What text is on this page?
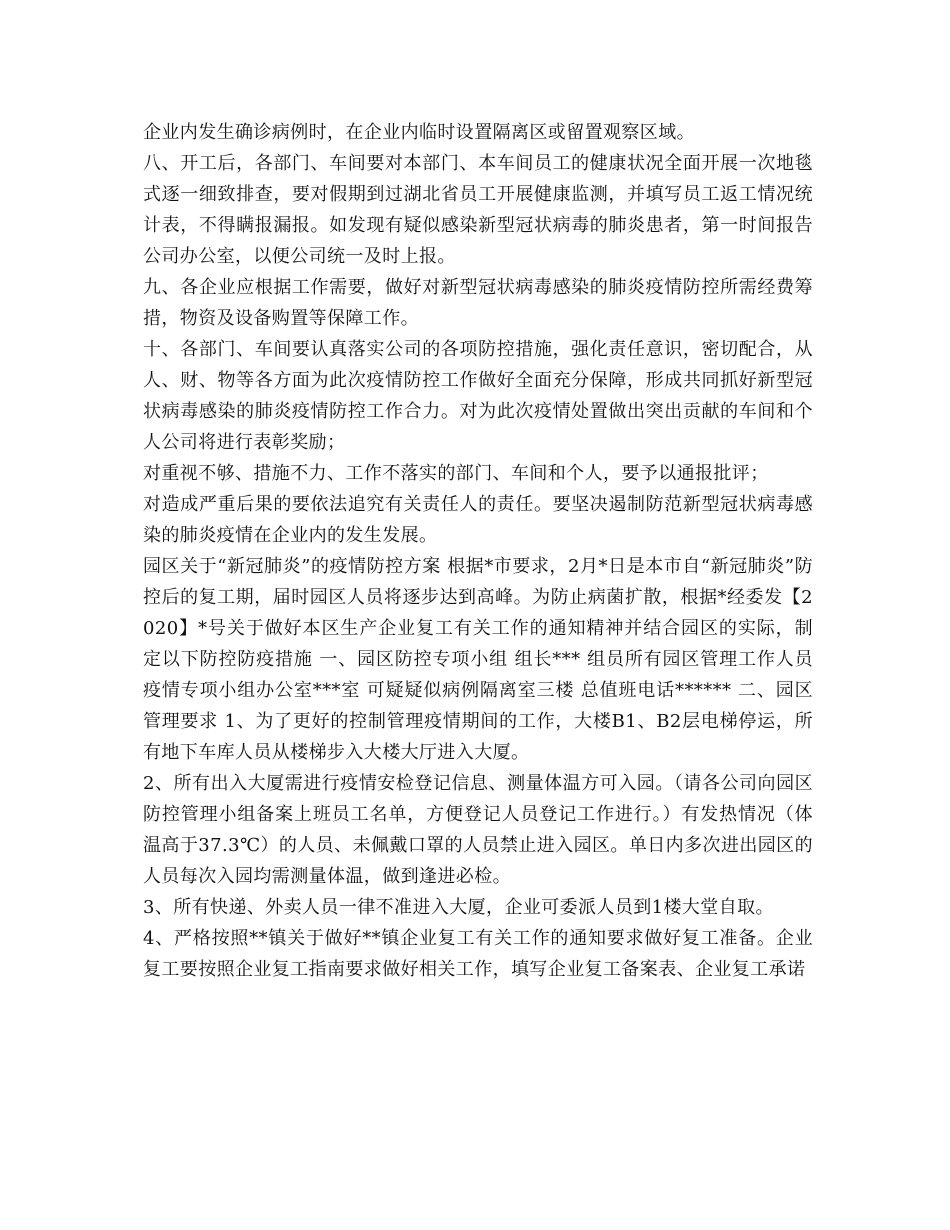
企业内发生确诊病例时，在企业内临时设置隔离区或留置观察区域。

八、开工后，各部门、车间要对本部门、本车间员工的健康状况全面开展一次地毯式逐一细致排查，要对假期到过湖北省员工开展健康监测，并填写员工返工情况统计表，不得瞒报漏报。如发现有疑似感染新型冠状病毒的肺炎患者，第一时间报告公司办公室，以便公司统一及时上报。

九、各企业应根据工作需要，做好对新型冠状病毒感染的肺炎疫情防控所需经费筹措，物资及设备购置等保障工作。

十、各部门、车间要认真落实公司的各项防控措施，强化责任意识，密切配合，从人、财、物等各方面为此次疫情防控工作做好全面充分保障，形成共同抓好新型冠状病毒感染的肺炎疫情防控工作合力。对为此次疫情处置做出突出贡献的车间和个人公司将进行表彰奖励；

对重视不够、措施不力、工作不落实的部门、车间和个人，要予以通报批评；

对造成严重后果的要依法追究有关责任人的责任。要坚决遏制防范新型冠状病毒感染的肺炎疫情在企业内的发生发展。

园区关于“新冠肺炎”的疫情防控方案 根据*市要求，2月*日是本市自“新冠肺炎”防控后的复工期，届时园区人员将逐步达到高峰。为防止病菌扩散，根据*经委发【2020】*号关于做好本区生产企业复工有关工作的通知精神并结合园区的实际，制定以下防控防疫措施 一、园区防控专项小组 组长*** 组员所有园区管理工作人员 疫情专项小组办公室***室 可疑疑似病例隔离室三楼 总值班电话****** 二、园区管理要求 1、为了更好的控制管理疫情期间的工作，大楼B1、B2层电梯停运，所有地下车库人员从楼梯步入大楼大厅进入大厦。

2、所有出入大厦需进行疫情安检登记信息、测量体温方可入园。（请各公司向园区防控管理小组备案上班员工名单，方便登记人员登记工作进行。）有发热情况（体温高于37.3℃）的人员、未佩戴口罩的人员禁止进入园区。单日内多次进出园区的人员每次入园均需测量体温，做到逢进必检。

3、所有快递、外卖人员一律不准进入大厦，企业可委派人员到1楼大堂自取。

4、严格按照**镇关于做好**镇企业复工有关工作的通知要求做好复工准备。企业复工要按照企业复工指南要求做好相关工作，填写企业复工备案表、企业复工承诺
